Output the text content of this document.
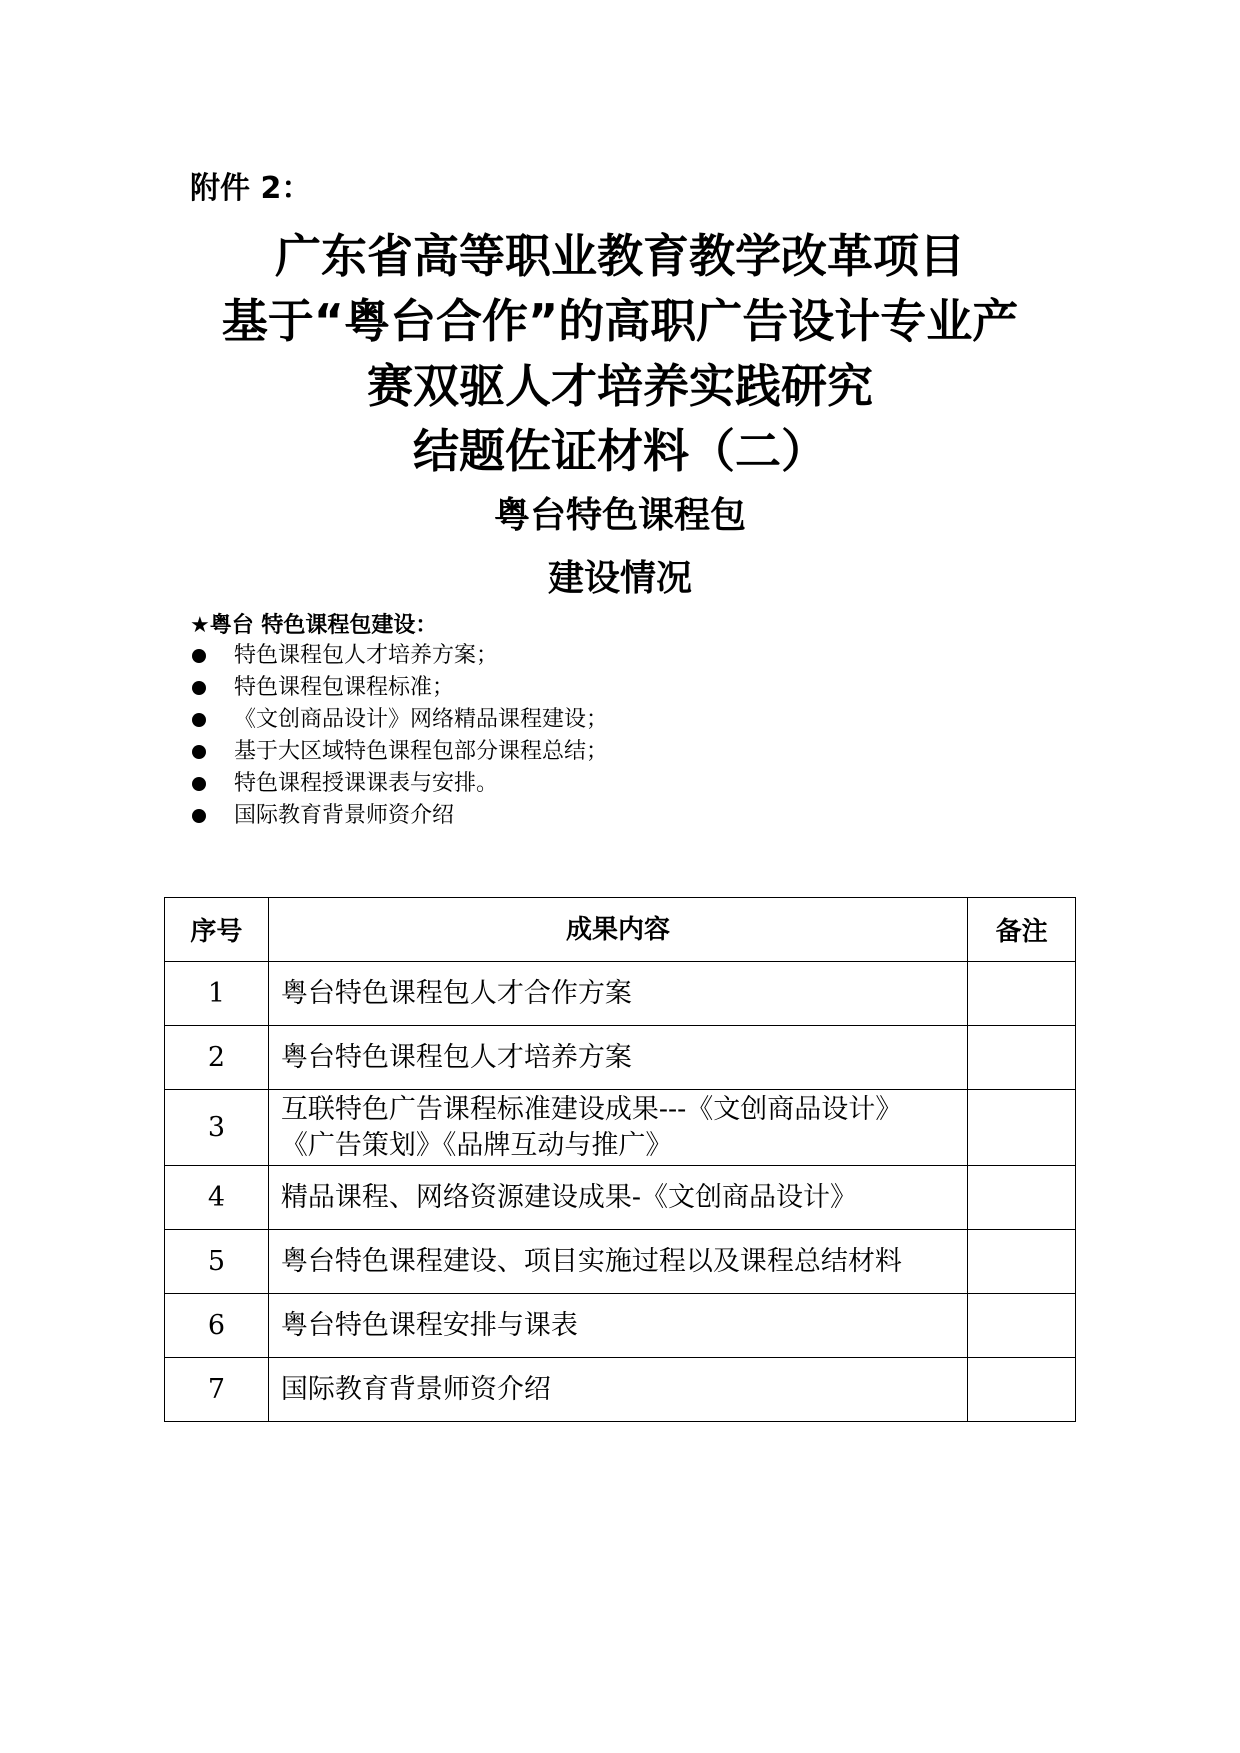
附件 2：
广东省高等职业教育教学改革项目
基于“粤台合作”的高职广告设计专业产
赛双驱人才培养实践研究
结题佐证材料（二）
粤台特色课程包
建设情况
★粤台 特色课程包建设：
特色课程包人才培养方案；
特色课程包课程标准；
《文创商品设计》网络精品课程建设；
基于大区域特色课程包部分课程总结；
特色课程授课课表与安排。
国际教育背景师资介绍
序号	成果内容	备注
1	粤台特色课程包人才合作方案	
2	粤台特色课程包人才培养方案	
3	互联特色广告课程标准建设成果---《文创商品设计》
《广告策划》《品牌互动与推广》	

4	精品课程、网络资源建设成果-《文创商品设计》	
5	粤台特色课程建设、项目实施过程以及课程总结材料	
6	粤台特色课程安排与课表	
7	国际教育背景师资介绍	
